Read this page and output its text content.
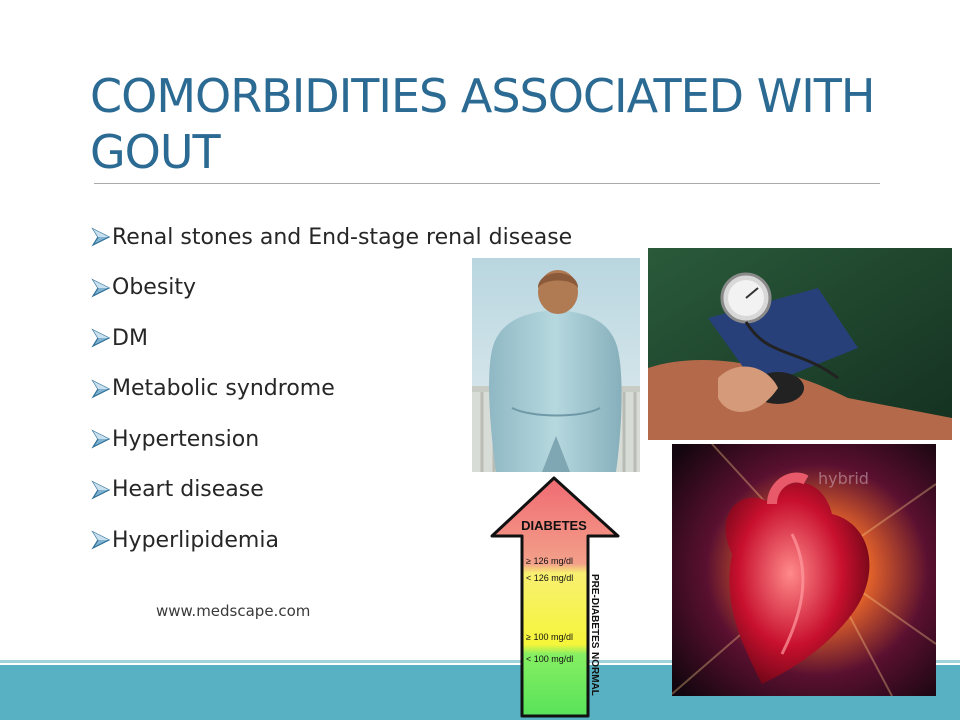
COMORBIDITIES ASSOCIATED WITH GOUT
Renal stones and End-stage renal disease
Obesity
DM
Metabolic syndrome
Hypertension
Heart disease
Hyperlipidemia
www.medscape.com
hybrid
DIABETES
≥ 126 mg/dl
< 126 mg/dl
≥ 100 mg/dl
< 100 mg/dl
PRE-DIABETES
NORMAL
